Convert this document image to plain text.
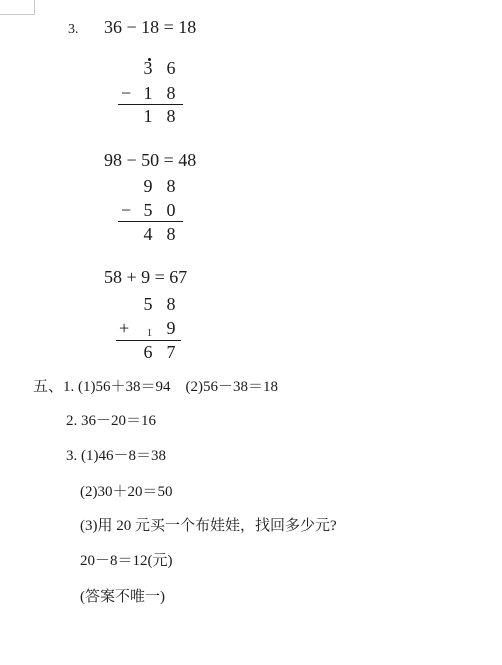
3. 36 − 18 = 18
3 6
− 1 8
1 8
98 − 50 = 48
9 8
− 5 0
4 8
58 + 9 = 67
5 8
+ 1 9
6 7
五、1. (1)56＋38＝94　(2)56－38＝18
2. 36－20＝16
3. (1)46－8＝38
(2)30＋20＝50
(3)用 20 元买一个布娃娃，找回多少元?
20－8＝12(元)
(答案不唯一)
